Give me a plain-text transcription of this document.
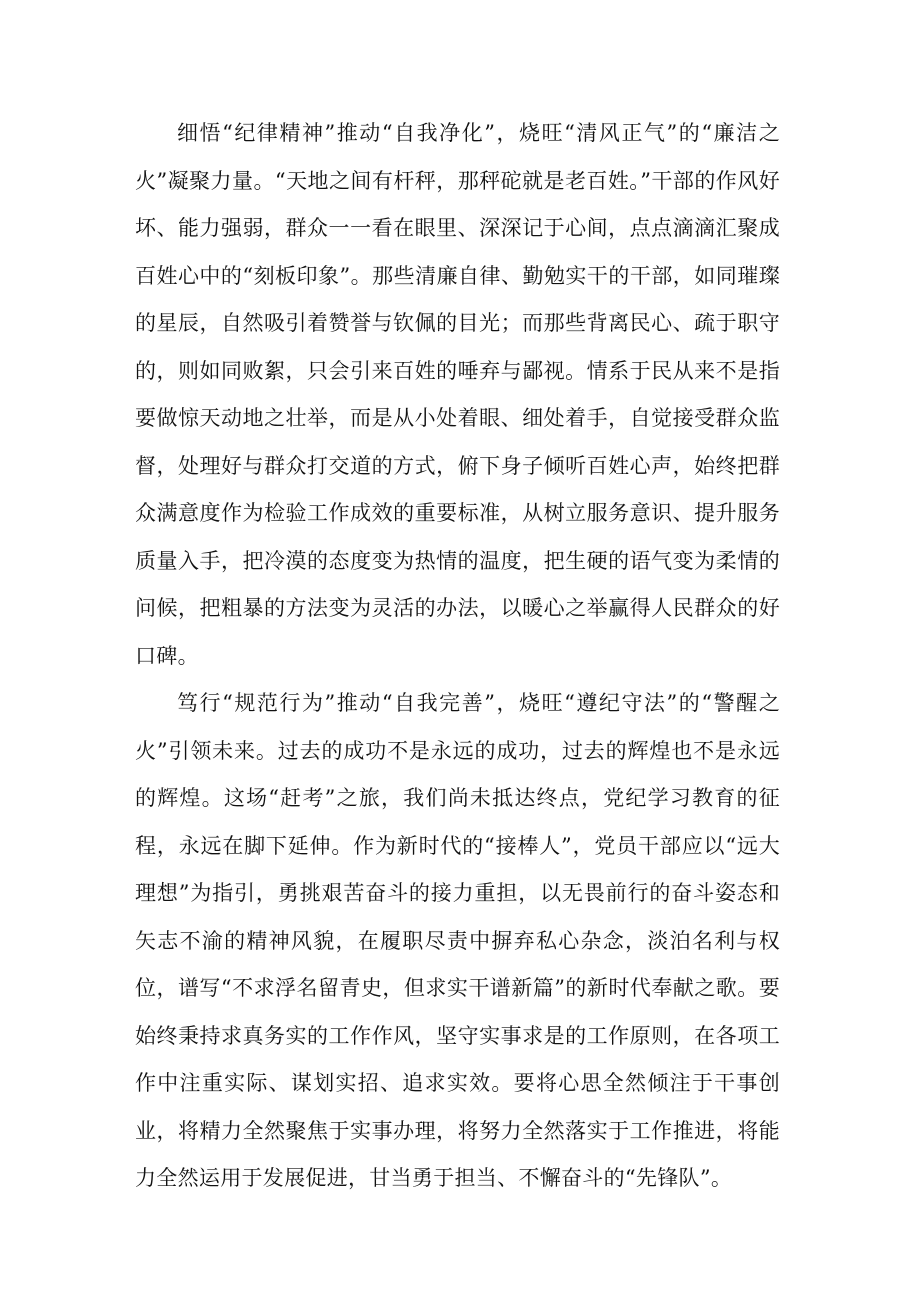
细悟“纪律精神”推动“自我净化”，烧旺“清风正气”的“廉洁之火”凝聚力量。“天地之间有杆秤，那秤砣就是老百姓。”干部的作风好坏、能力强弱，群众一一看在眼里、深深记于心间，点点滴滴汇聚成百姓心中的“刻板印象”。那些清廉自律、勤勉实干的干部，如同璀璨的星辰，自然吸引着赞誉与钦佩的目光；而那些背离民心、疏于职守的，则如同败絮，只会引来百姓的唾弃与鄙视。情系于民从来不是指要做惊天动地之壮举，而是从小处着眼、细处着手，自觉接受群众监督，处理好与群众打交道的方式，俯下身子倾听百姓心声，始终把群众满意度作为检验工作成效的重要标准，从树立服务意识、提升服务质量入手，把冷漠的态度变为热情的温度，把生硬的语气变为柔情的问候，把粗暴的方法变为灵活的办法，以暖心之举赢得人民群众的好口碑。

笃行“规范行为”推动“自我完善”，烧旺“遵纪守法”的“警醒之火”引领未来。过去的成功不是永远的成功，过去的辉煌也不是永远的辉煌。这场“赶考”之旅，我们尚未抵达终点，党纪学习教育的征程，永远在脚下延伸。作为新时代的“接棒人”，党员干部应以“远大理想”为指引，勇挑艰苦奋斗的接力重担，以无畏前行的奋斗姿态和矢志不渝的精神风貌，在履职尽责中摒弃私心杂念，淡泊名利与权位，谱写“不求浮名留青史，但求实干谱新篇”的新时代奉献之歌。要始终秉持求真务实的工作作风，坚守实事求是的工作原则，在各项工作中注重实际、谋划实招、追求实效。要将心思全然倾注于干事创业，将精力全然聚焦于实事办理，将努力全然落实于工作推进，将能力全然运用于发展促进，甘当勇于担当、不懈奋斗的“先锋队”。
